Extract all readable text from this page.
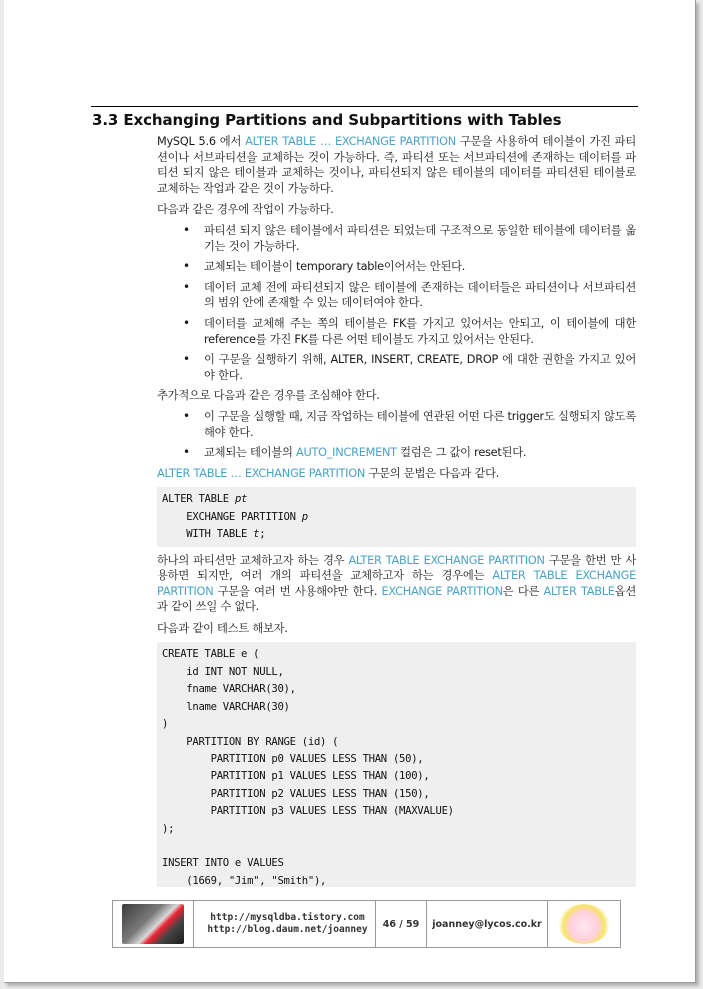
3.3 Exchanging Partitions and Subpartitions with Tables

MySQL 5.6 에서 ALTER TABLE … EXCHANGE PARTITION 구문을 사용하여 테이블이 가진 파티션이나 서브파티션을 교체하는 것이 가능하다. 즉, 파티션 또는 서브파티션에 존재하는 데이터를 파티션 되지 않은 테이블과 교체하는 것이나, 파티션되지 않은 테이블의 데이터를 파티션된 테이블로 교체하는 작업과 같은 것이 가능하다.

다음과 같은 경우에 작업이 가능하다.

• 파티션 되지 않은 테이블에서 파티션은 되었는데 구조적으로 동일한 테이블에 데이터를 옮기는 것이 가능하다.
• 교체되는 테이블이 temporary table이어서는 안된다.
• 데이터 교체 전에 파티션되지 않은 테이블에 존재하는 데이터들은 파티션이나 서브파티션의 범위 안에 존재할 수 있는 데이터여야 한다.
• 데이터를 교체해 주는 쪽의 테이블은 FK를 가지고 있어서는 안되고, 이 테이블에 대한 reference를 가진 FK를 다른 어떤 테이블도 가지고 있어서는 안된다.
• 이 구문을 실행하기 위해, ALTER, INSERT, CREATE, DROP 에 대한 권한을 가지고 있어야 한다.

추가적으로 다음과 같은 경우를 조심해야 한다.

• 이 구문을 실행할 때, 지금 작업하는 테이블에 연관된 어떤 다른 trigger도 실행되지 않도록 해야 한다.
• 교체되는 테이블의 AUTO_INCREMENT 컬럼은 그 값이 reset된다.

ALTER TABLE … EXCHANGE PARTITION 구문의 문법은 다음과 같다.

ALTER TABLE pt
EXCHANGE PARTITION p
WITH TABLE t;

하나의 파티션만 교체하고자 하는 경우 ALTER TABLE EXCHANGE PARTITION 구문을 한번 만 사용하면 되지만, 여러 개의 파티션을 교체하고자 하는 경우에는 ALTER TABLE EXCHANGE PARTITION 구문을 여러 번 사용해야만 한다. EXCHANGE PARTITION은 다른 ALTER TABLE옵션과 같이 쓰일 수 없다.

다음과 같이 테스트 해보자.

CREATE TABLE e (
id INT NOT NULL,
fname VARCHAR(30),
lname VARCHAR(30)
)
PARTITION BY RANGE (id) (
PARTITION p0 VALUES LESS THAN (50),
PARTITION p1 VALUES LESS THAN (100),
PARTITION p2 VALUES LESS THAN (150),
PARTITION p3 VALUES LESS THAN (MAXVALUE)
);

INSERT INTO e VALUES
(1669, "Jim", "Smith"),
http://mysqldba.tistory.com
http://blog.daum.net/joanney	46 / 59	joanney@lycos.co.kr
